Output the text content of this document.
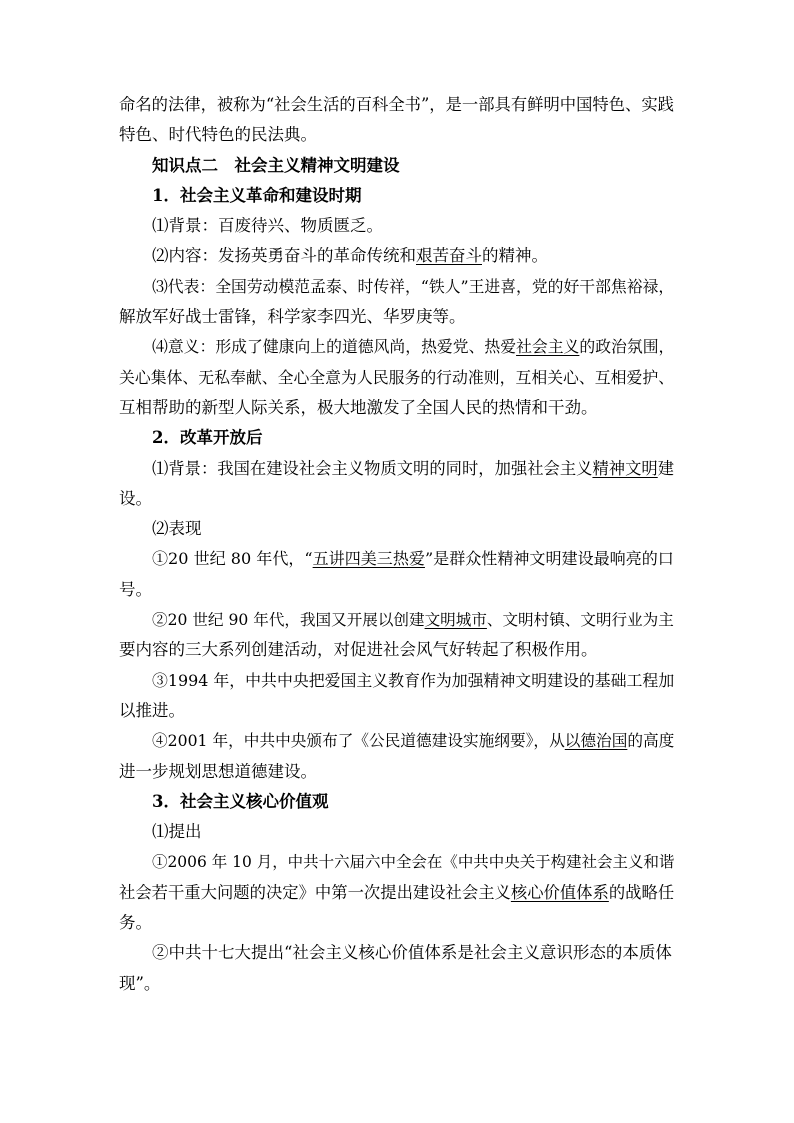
命名的法律，被称为“社会生活的百科全书”，是一部具有鲜明中国特色、实践
特色、时代特色的民法典。
知识点二　社会主义精神文明建设
1．社会主义革命和建设时期
⑴背景：百废待兴、物质匮乏。
⑵内容：发扬英勇奋斗的革命传统和艰苦奋斗的精神。
⑶代表：全国劳动模范孟泰、时传祥，“铁人”王进喜，党的好干部焦裕禄，
解放军好战士雷锋，科学家李四光、华罗庚等。
⑷意义：形成了健康向上的道德风尚，热爱党、热爱社会主义的政治氛围，
关心集体、无私奉献、全心全意为人民服务的行动准则，互相关心、互相爱护、
互相帮助的新型人际关系，极大地激发了全国人民的热情和干劲。
2．改革开放后
⑴背景：我国在建设社会主义物质文明的同时，加强社会主义精神文明建
设。
⑵表现
①20 世纪 80 年代，“五讲四美三热爱”是群众性精神文明建设最响亮的口
号。
②20 世纪 90 年代，我国又开展以创建文明城市、文明村镇、文明行业为主
要内容的三大系列创建活动，对促进社会风气好转起了积极作用。
③1994 年，中共中央把爱国主义教育作为加强精神文明建设的基础工程加
以推进。
④2001 年，中共中央颁布了《公民道德建设实施纲要》，从以德治国的高度
进一步规划思想道德建设。
3．社会主义核心价值观
⑴提出
①2006 年 10 月，中共十六届六中全会在《中共中央关于构建社会主义和谐
社会若干重大问题的决定》中第一次提出建设社会主义核心价值体系的战略任
务。
②中共十七大提出“社会主义核心价值体系是社会主义意识形态的本质体
现”。
